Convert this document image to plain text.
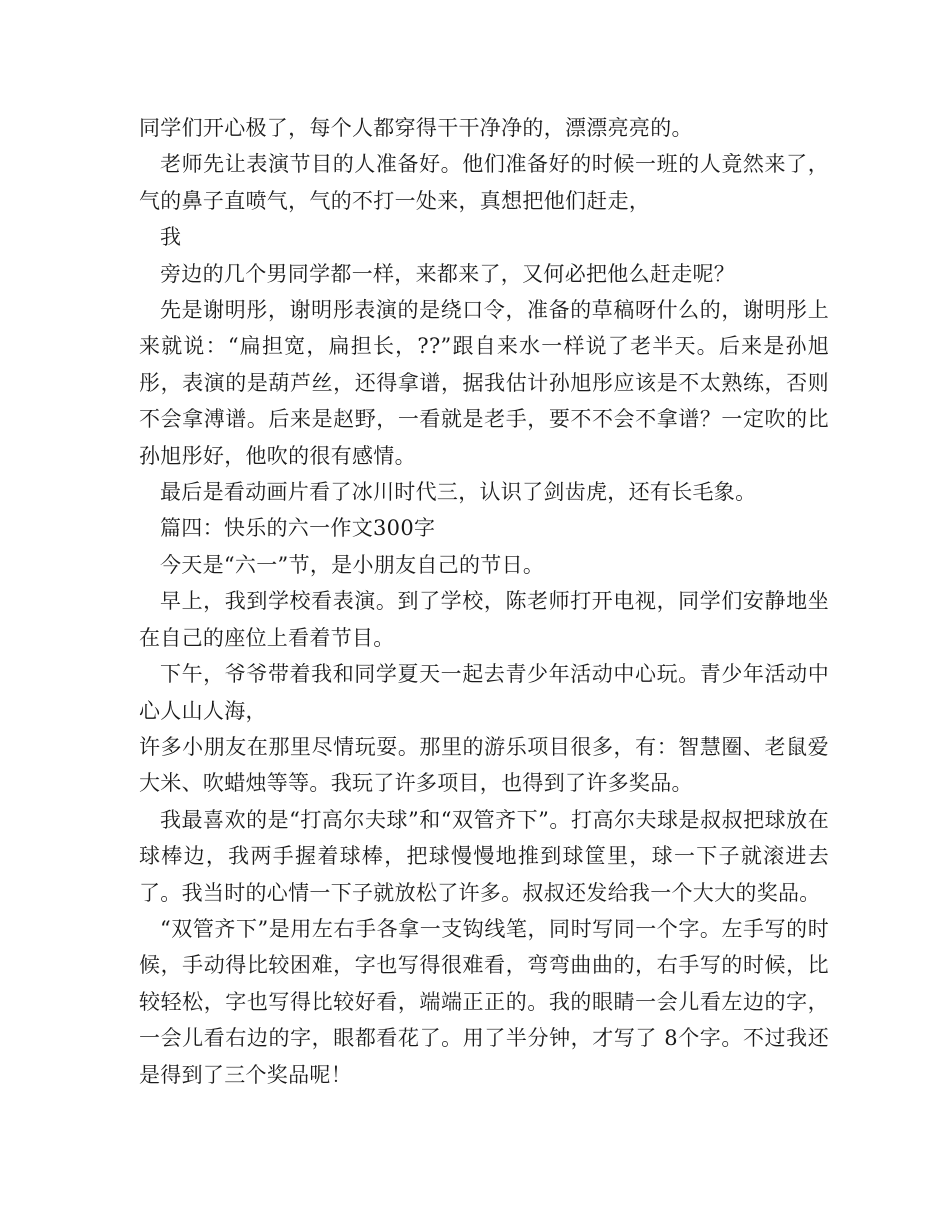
同学们开心极了，每个人都穿得干干净净的，漂漂亮亮的。

老师先让表演节目的人准备好。他们准备好的时候一班的人竟然来了，气的鼻子直喷气，气的不打一处来，真想把他们赶走，

我

旁边的几个男同学都一样，来都来了，又何必把他么赶走呢？

先是谢明彤，谢明彤表演的是绕口令，准备的草稿呀什么的，谢明彤上来就说：“扁担宽，扁担长，??”跟自来水一样说了老半天。后来是孙旭彤，表演的是葫芦丝，还得拿谱，据我估计孙旭彤应该是不太熟练，否则不会拿溥谱。后来是赵野，一看就是老手，要不不会不拿谱？一定吹的比孙旭彤好，他吹的很有感情。

最后是看动画片看了冰川时代三，认识了剑齿虎，还有长毛象。

篇四：快乐的六一作文300字

今天是“六一”节，是小朋友自己的节日。

早上，我到学校看表演。到了学校，陈老师打开电视，同学们安静地坐在自己的座位上看着节目。

下午，爷爷带着我和同学夏天一起去青少年活动中心玩。青少年活动中心人山人海，

许多小朋友在那里尽情玩耍。那里的游乐项目很多，有：智慧圈、老鼠爱大米、吹蜡烛等等。我玩了许多项目，也得到了许多奖品。

我最喜欢的是“打高尔夫球”和“双管齐下”。打高尔夫球是叔叔把球放在球棒边，我两手握着球棒，把球慢慢地推到球筐里，球一下子就滚进去了。我当时的心情一下子就放松了许多。叔叔还发给我一个大大的奖品。

“双管齐下”是用左右手各拿一支钩线笔，同时写同一个字。左手写的时候，手动得比较困难，字也写得很难看，弯弯曲曲的，右手写的时候，比较轻松，字也写得比较好看，端端正正的。我的眼睛一会儿看左边的字，一会儿看右边的字，眼都看花了。用了半分钟，才写了 8个字。不过我还是得到了三个奖品呢！
